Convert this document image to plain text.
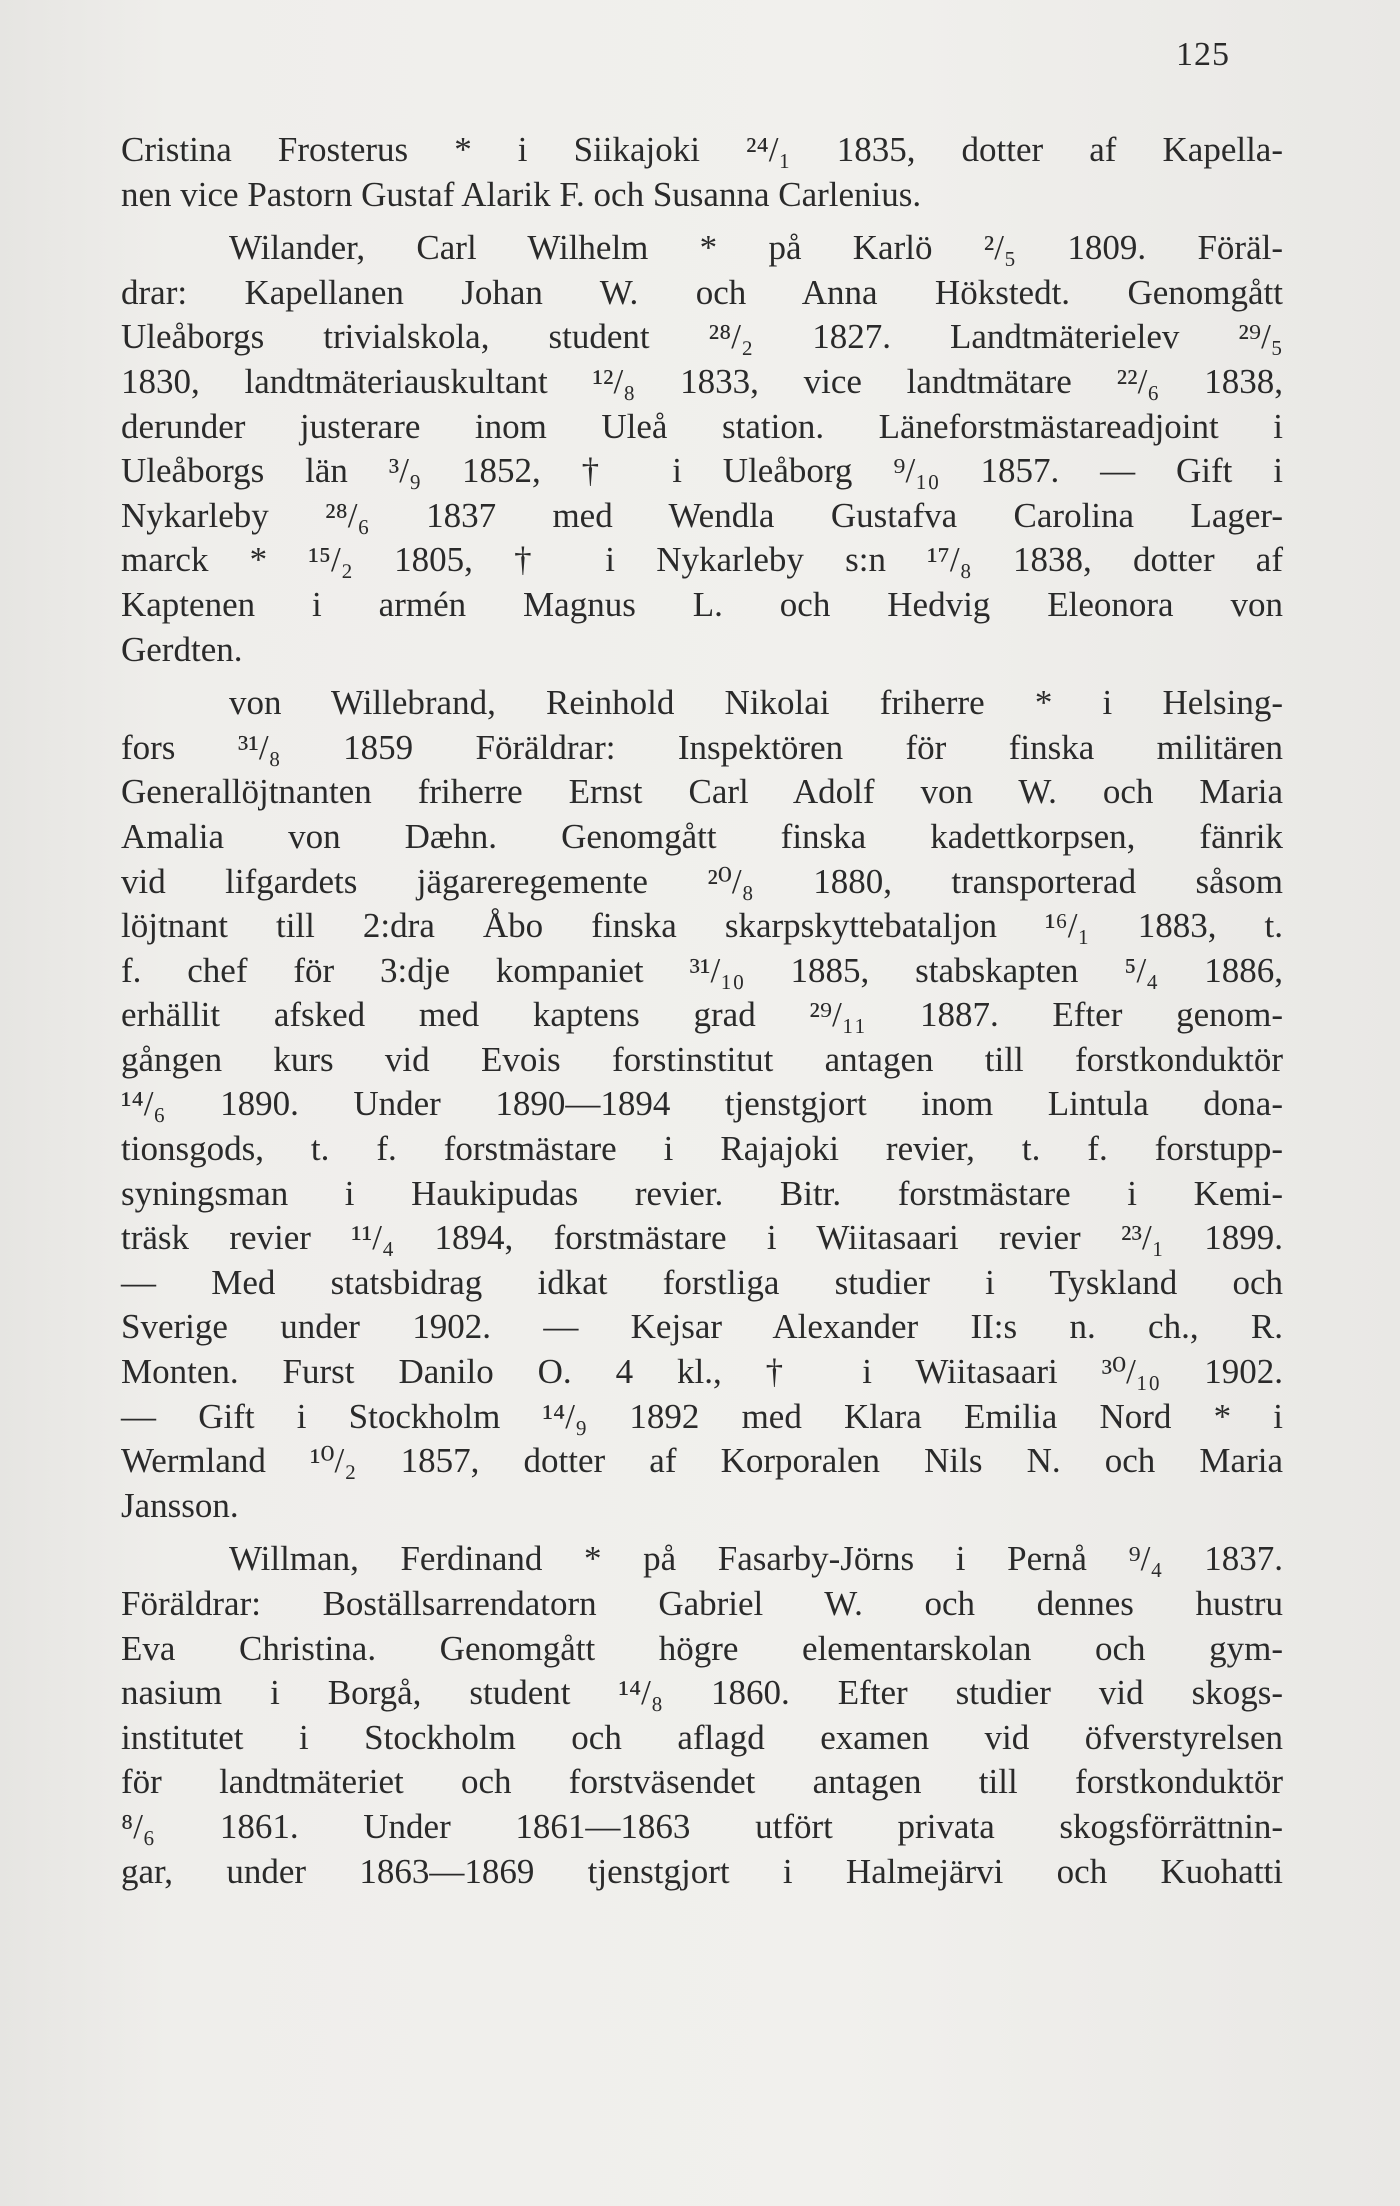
125

Cristina Frosterus * i Siikajoki ²⁴/₁ 1835, dotter af Kapella-

nen vice Pastorn Gustaf Alarik F. och Susanna Carlenius.

Wilander, Carl Wilhelm * på Karlö ²/₅ 1809. Föräl-

drar: Kapellanen Johan W. och Anna Hökstedt. Genomgått

Uleåborgs trivialskola, student ²⁸/₂ 1827. Landtmäterielev ²⁹/₅

1830, landtmäteriauskultant ¹²/₈ 1833, vice landtmätare ²²/₆ 1838,

derunder justerare inom Uleå station. Läneforstmästareadjoint i

Uleåborgs län ³/₉ 1852, † i Uleåborg ⁹/₁₀ 1857. — Gift i

Nykarleby ²⁸/₆ 1837 med Wendla Gustafva Carolina Lager-

marck * ¹⁵/₂ 1805, † i Nykarleby s:n ¹⁷/₈ 1838, dotter af

Kaptenen i armén Magnus L. och Hedvig Eleonora von

Gerdten.

von Willebrand, Reinhold Nikolai friherre * i Helsing-

fors ³¹/₈ 1859 Föräldrar: Inspektören för finska militären

Generallöjtnanten friherre Ernst Carl Adolf von W. och Maria

Amalia von Dæhn. Genomgått finska kadettkorpsen, fänrik

vid lifgardets jägareregemente ²⁰/₈ 1880, transporterad såsom

löjtnant till 2:dra Åbo finska skarpskyttebataljon ¹⁶/₁ 1883, t.

f. chef för 3:dje kompaniet ³¹/₁₀ 1885, stabskapten ⁵/₄ 1886,

erhällit afsked med kaptens grad ²⁹/₁₁ 1887. Efter genom-

gången kurs vid Evois forstinstitut antagen till forstkonduktör

¹⁴/₆ 1890. Under 1890—1894 tjenstgjort inom Lintula dona-

tionsgods, t. f. forstmästare i Rajajoki revier, t. f. forstupp-

syningsman i Haukipudas revier. Bitr. forstmästare i Kemi-

träsk revier ¹¹/₄ 1894, forstmästare i Wiitasaari revier ²³/₁ 1899.

— Med statsbidrag idkat forstliga studier i Tyskland och

Sverige under 1902. — Kejsar Alexander II:s n. ch., R.

Monten. Furst Danilo O. 4 kl., † i Wiitasaari ³⁰/₁₀ 1902.

— Gift i Stockholm ¹⁴/₉ 1892 med Klara Emilia Nord * i

Wermland ¹⁰/₂ 1857, dotter af Korporalen Nils N. och Maria

Jansson.

Willman, Ferdinand * på Fasarby-Jörns i Pernå ⁹/₄ 1837.

Föräldrar: Boställsarrendatorn Gabriel W. och dennes hustru

Eva Christina. Genomgått högre elementarskolan och gym-

nasium i Borgå, student ¹⁴/₈ 1860. Efter studier vid skogs-

institutet i Stockholm och aflagd examen vid öfverstyrelsen

för landtmäteriet och forstväsendet antagen till forstkonduktör

⁸/₆ 1861. Under 1861—1863 utfört privata skogsförrättnin-

gar, under 1863—1869 tjenstgjort i Halmejärvi och Kuohatti
